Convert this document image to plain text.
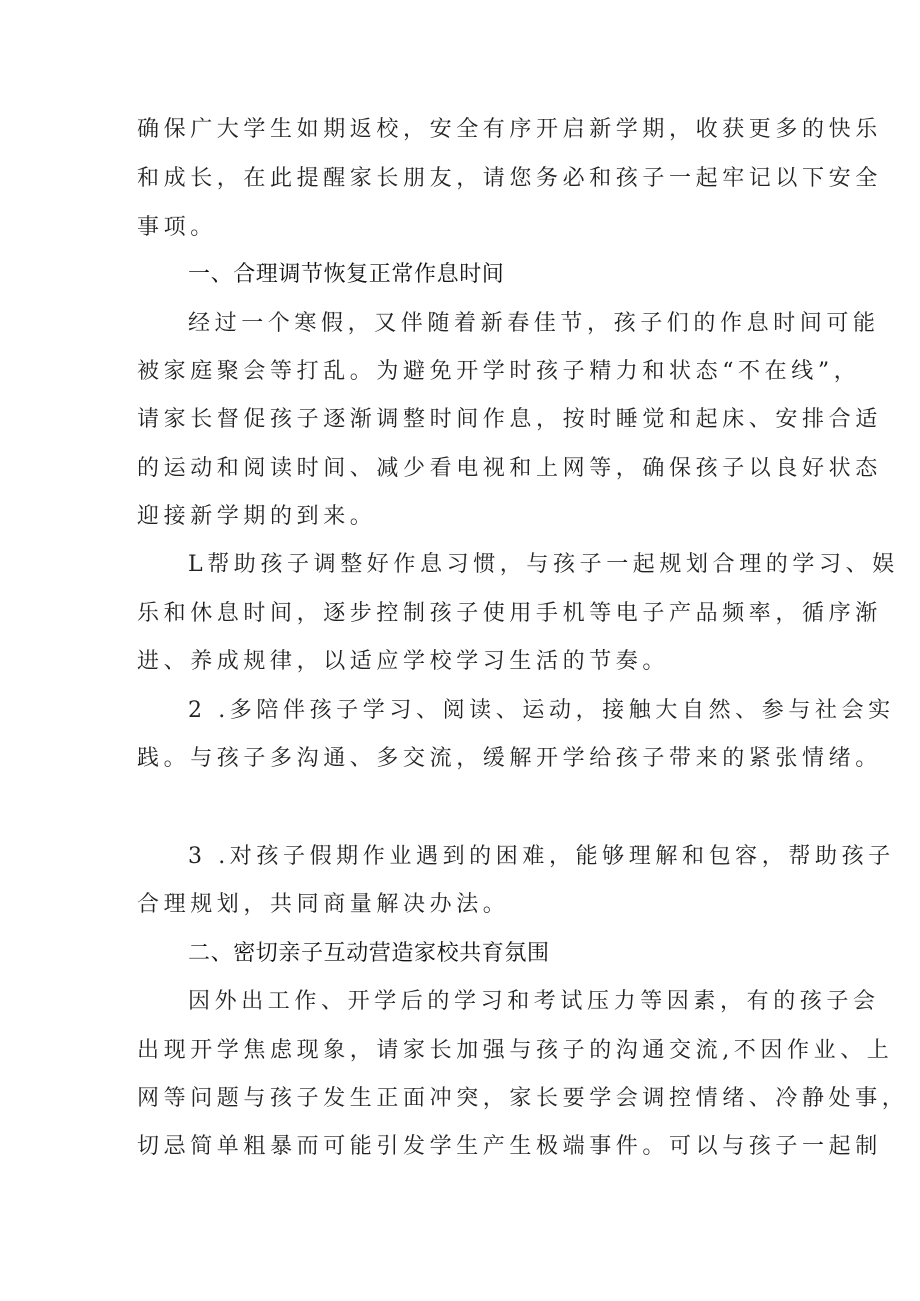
确保广大学生如期返校，安全有序开启新学期，收获更多的快乐
和成长，在此提醒家长朋友，请您务必和孩子一起牢记以下安全
事项。
一、合理调节恢复正常作息时间
经过一个寒假，又伴随着新春佳节，孩子们的作息时间可能
被家庭聚会等打乱。为避免开学时孩子精力和状态“不在线”，
请家长督促孩子逐渐调整时间作息，按时睡觉和起床、安排合适
的运动和阅读时间、减少看电视和上网等，确保孩子以良好状态
迎接新学期的到来。
L帮助孩子调整好作息习惯，与孩子一起规划合理的学习、娱
乐和休息时间，逐步控制孩子使用手机等电子产品频率，循序渐
进、养成规律，以适应学校学习生活的节奏。
2 .多陪伴孩子学习、阅读、运动，接触大自然、参与社会实
践。与孩子多沟通、多交流，缓解开学给孩子带来的紧张情绪。
3 .对孩子假期作业遇到的困难，能够理解和包容，帮助孩子
合理规划，共同商量解决办法。
二、密切亲子互动营造家校共育氛围
因外出工作、开学后的学习和考试压力等因素，有的孩子会
出现开学焦虑现象，请家长加强与孩子的沟通交流,不因作业、上
网等问题与孩子发生正面冲突，家长要学会调控情绪、冷静处事，
切忌简单粗暴而可能引发学生产生极端事件。可以与孩子一起制
